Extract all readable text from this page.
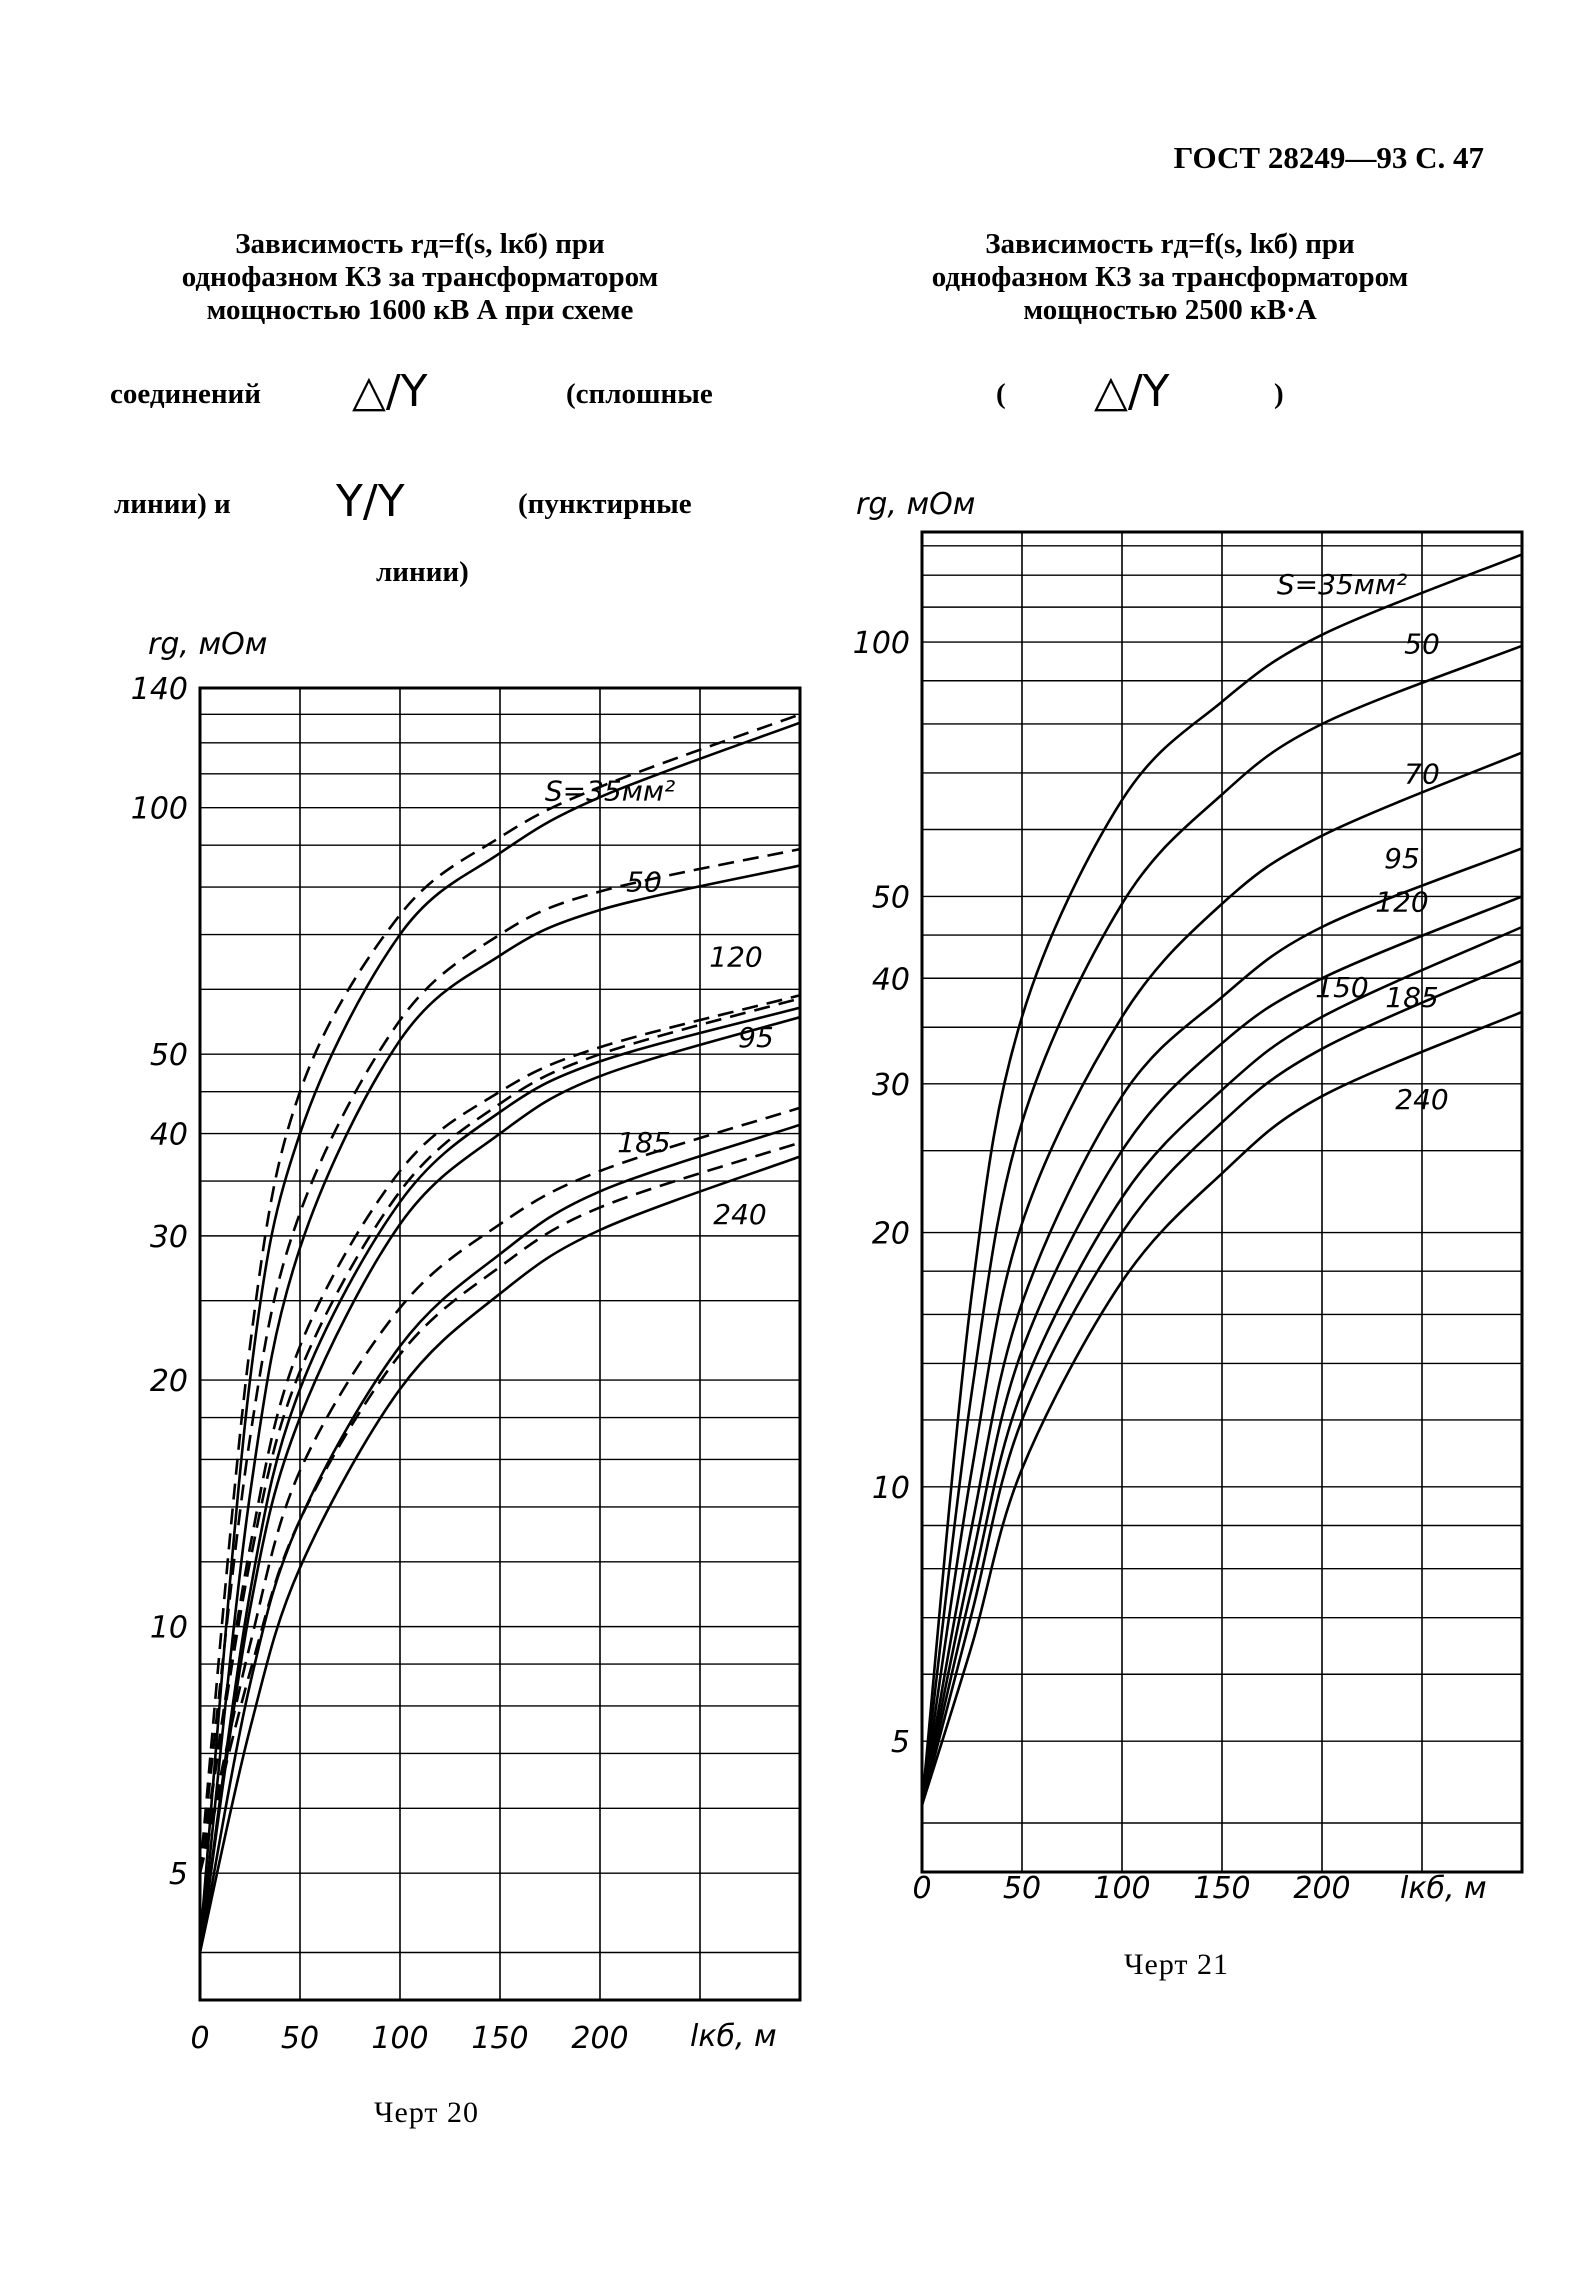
ГОСТ 28249—93 С. 47
Зависимость rд=f(s, lкб) при
однофазном КЗ за трансформатором
мощностью 1600 кВ А при схеме
соединений △/Ү	(сплошные
линии) и Y/Ү	(пунктирные
линии)
Зависимость rд=f(s, lкб) при
однофазном КЗ за трансформатором
мощностью 2500 кВ·А
( △/Ү	)
140
100
50
40
30
20
10
5
0 50 100 150 200 lкб, м
rg, мОм
S=35мм²
50
120
95
185
240
100
50
40
30
20
10
5
0 50 100 150 200 lкб, м
rg, мОм
S=35мм²
50
70
95
120
150 185
240
Черт 20
Черт 21
